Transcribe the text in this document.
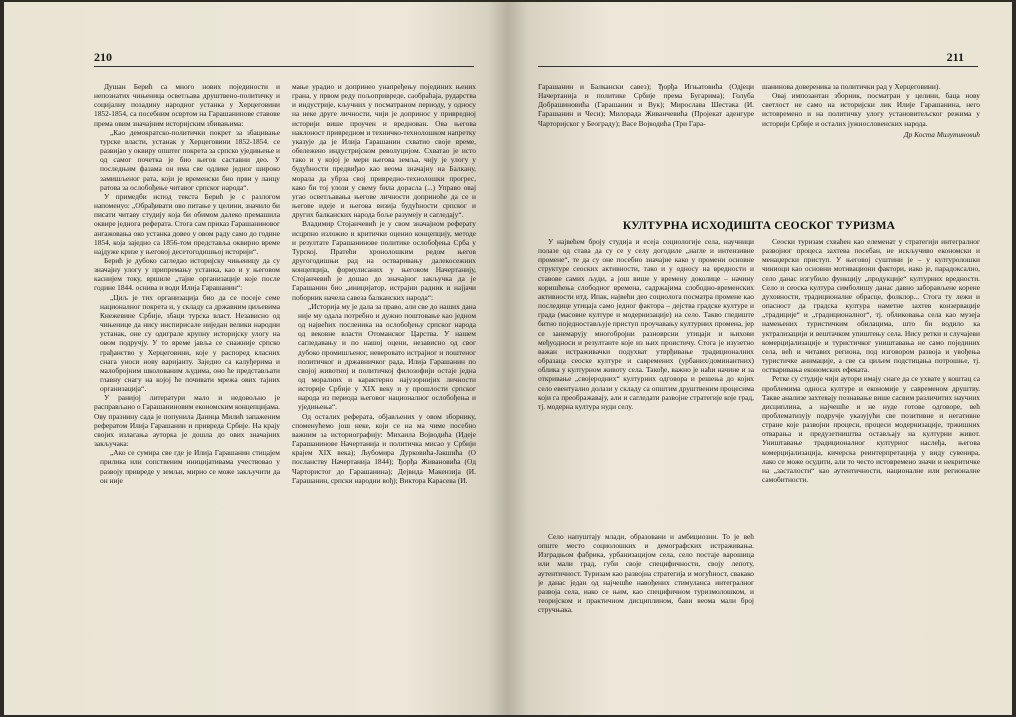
210

Душан Берић са много нових појединости и непознатих чињеница осветљава друштвено-политичку и социјалну позадину народног устанка у Херцеговини 1852-1854, са посебним освртом на Гарашанинове ставове према овим значајним историјским збивањима:

„Као демократско-политички покрет за збацивање турске власти, устанак у Херцеговини 1852-1854. се развијао у оквиру општег покрета за српско уједињење и од самог почетка је био његов саставни део. У последњим фазама он има све одлике једног широко замишљеног рата, који је временски био први у ланцу ратова за ослобођење читавог српског народа“.

У примедби испод текста Берић је с разлогом напоменуо: „Обрађивати ово питање у целини, значило би писати читаву студију која би обимом далеко премашила оквире једнога реферата. Стога сам приказ Гарашаниновог ангажовања око устанка довео у овом раду само до године 1854, која заједно са 1856-том представља оквирно време најдуже кризе у његовој десетогодишњој историји“.

Берић је дубоко сагледао историјску чињеницу да су значајну улогу у припремању устанка, као и у његовом каснијем току, вршиле „тајне организације које после године 1844. оснива и води Илија Гарашанин“:

„Циљ је тих организација био да се посеје семе националног покрета и, у складу са државним циљевима Кнежевине Србије, збаци турска власт. Независно од чињенице да нису инспирисале ниједан велики народни устанак, оне су одиграле крупну историјску улогу на овом подручју. У то време јавља се снажније српско грађанство у Херцеговини, које у распоред класних снага уноси нову варијанту. Заједно са калуђерима и малобројним школованим људима, оно ће представљати главну снагу на којој ће почивати мрежа ових тајних организација“.

У ранијој литератури мало и недовољно је расправљано о Гарашаниновим економским концепцијама. Ову празнину сада је попунила Даница Милић запаженим рефератом Илија Гарашанин и привреда Србије. На крају својих излагања ауторка је дошла до ових значајних закључака:

„Ако се сумира све где је Илија Гарашанин стицајем прилика или сопственим иницијативама учествовао у развоју привреде у земљи, мирно се може закључити да он није

мање урадио и допринео унапређењу појединих њених грана, у првом реду пољопривреде, саобраћаја, рударства и индустрије, кључних у посматраном периоду, у односу на неке друге личности, чији је допринос у привредној историји више проучен и вреднован. Ова његова наклоност привредном и техничко-технолошком напретку указује да је Илија Гарашанин схватио своје време, обележено индустријском револуцијом. Схватао је исто тако и у којој је мери његова земља, чију је улогу у будућности предвиђао као веома значајну на Балкану, морала да убрза свој привредно-технолошки прогрес, како би тој улози у свему била дорасла (...) Управо овај угао осветљавања његове личности доприноће да се и његове идеје и његова визија будућности српског и других балканских народа боље разумеју и сагледају“.

Владимир Стојанчевић је у свом значајном реферату исцрпно изложио и критички оценио концепцију, методе и резултате Гарашанинове политике ослобођења Срба у Турској. Пратећи хронолошким редом његов другогодишњи рад на остваривању далекосежних концепција, формулисаних у његовом Начертанију, Стојанчевић је дошао до значајног закључка да је Гарашанин био „иницијатор, истрајни радник и најјачи поборник начела савеза балканских народа“:

„Историја му је дала за право, али све до наших дана није му одала потребно и дужно поштовање као једном од највећих посленика на ослобођењу српског народа од вековне власти Отоманског Царства. У нашем сагледавању и по нашој оцени, независно од свог дубоко промишљеног, неверовато истрајног и поштеног политичког и државничког рада, Илија Гарашанин по својој животној и политичкој филозофији остаје једна од моралних и карактерно најузорнијих личности историје Србије у XIX веку и у прошлости српског народа из периода његовог националног ослобођења и уједињења“.

Од осталих реферата, објављених у овом зборнику, споменућемо још неке, који се на ма чиме посебно важним за историографију: Михаила Војводића (Идеје Гарашанинове Начертанија и политичка мисао у Србији крајем XIX века); Љубомира Дурковића-Јакшића (О посланству Начертанија 1844); Ђорђа Живановића (Од Чартористог до Гарашанина); Дејвида Макензија (И. Гарашанин, српски народни вођ); Виктора Карасева (И.

211

Гарашанин и Балкански савез); Ђорђа Игњатовића (Одјеци Начертанија и политике Србије према Бугарима); Голуба Добрашиновића (Гарашанин и Вук); Мирослава Шестака (И. Гарашанин и Чеси); Милорада Живанчевића (Пројекат аденгуре Чарторијског у Београду); Васе Војводића (Три Гара-

шанинова довереника за политички рад у Херцеговини).

Овај импозантан зборник, посматран у целини, баца нову светлост не само на историјски лик Илије Гарашанина, него истовремено и на политичку улогу установитељског режима у историји Србије и осталих јужнословенских народа.

Др Коста Милутиновић

КУЛТУРНА ИСХОДИШТА СЕОСКОГ ТУРИЗМА

У највећем броју студија и есеја социологије села, научници полазе од става да су се у селу догодиле „нагле и интензивне промене“, те да су оне посебно значајне како у промени основне структуре сеоских активности, тако и у односу на вредности и ставове самих људи, а још више у времену доколице – начину коришћења слободног времена, садржајима слободно-временских активности итд. Ипак, највећи део социолога посматра промене као последице утицаја само једног фактора – дејства градске културе и града (масовне културе и модернизације) на село. Такво гледиште битно поједностављује приступ проучавању културних промена, јер се занемарују многобројни разноврсни утицаји и њихови међуодноси и резултанте које из њих проистичу. Стога је изузетно важан истраживачки подухват утврђивање традиционалних образаца сеоске културе и савремених (урбаних/доминантних) облика у културном животу села. Такође, важно је наћи начине и за откривање „својеродних“ културних одговора и решења до којих село евентуално долази у складу са општим друштвеним процесима који га преображавају, али и сагледати развојне стратегије које град, тј. модерна култура нуди селу.

Село напуштају млади, образовани и амбициозни. То је већ опште место социолошких и демографских истраживања. Изградњом фабрика, урбанизацијом села, село постаје варошица или мали град, губи своје специфичности, своју лепоту, аутентичност. Туризам као развојна стратегија и могућност, свакако је данас један од најчешће навођених стимуланса интегралног развоја села, иако се њим, као специфичном туризмолошком, и теоријском и практичном дисциплином, бави веома мали број стручњака.

Сеоски туризам схваћен као елеменат у стратегији интегралног развојног процеса захтева посебан, не искључиво економски и менаџерски приступ. У његовој суштини је – у културолошки чиниоци као основни мотивациони фактори, иако је, парадоксално, село данас изгубило функцију „продукције“ културних вредности. Село и сеоска култура симболишу данас давно заборављене корене духовности, традиционалне обрасце, фолклор... Стога ту лежи и опасност да градска култура наметне захтев конзервације „традиције“ и „традиционалног“, тј. обликовања села као музеја намењених туристичким обилацима, што би водило ка уктрализацији и вештачком упиштењу села. Нису ретки и случајеви комерцијализације и туристичког уништавања не само појединих села, већ и читавих региона, под изговором развоја и увођења туристичке анимације, а све са циљем подстицања потрошње, тј. остваривања економских ефеката.

Ретке су студије чији аутори имају снаге да се ухвате у коштац са проблемима односа културе и економије у савременом друштву. Такве анализе захтевају познавање више сасвим различитих научних дисциплина, а најчешће и не нуде готове одговоре, већ проблематизују подручје указујући све позитивне и негативне стране које развојни процеси, процеси модернизације, тржишних отварања и предузетништва остављају на културни живот. Уништавање традиционалног културног наслеђа, његова комерцијализација, кичерска реинтерпретација у виду сувенира, лако се може осудити, али то често истовремено значи и некритичке на „засталости“ као аутентичности, националне или регионалне самобитности.
